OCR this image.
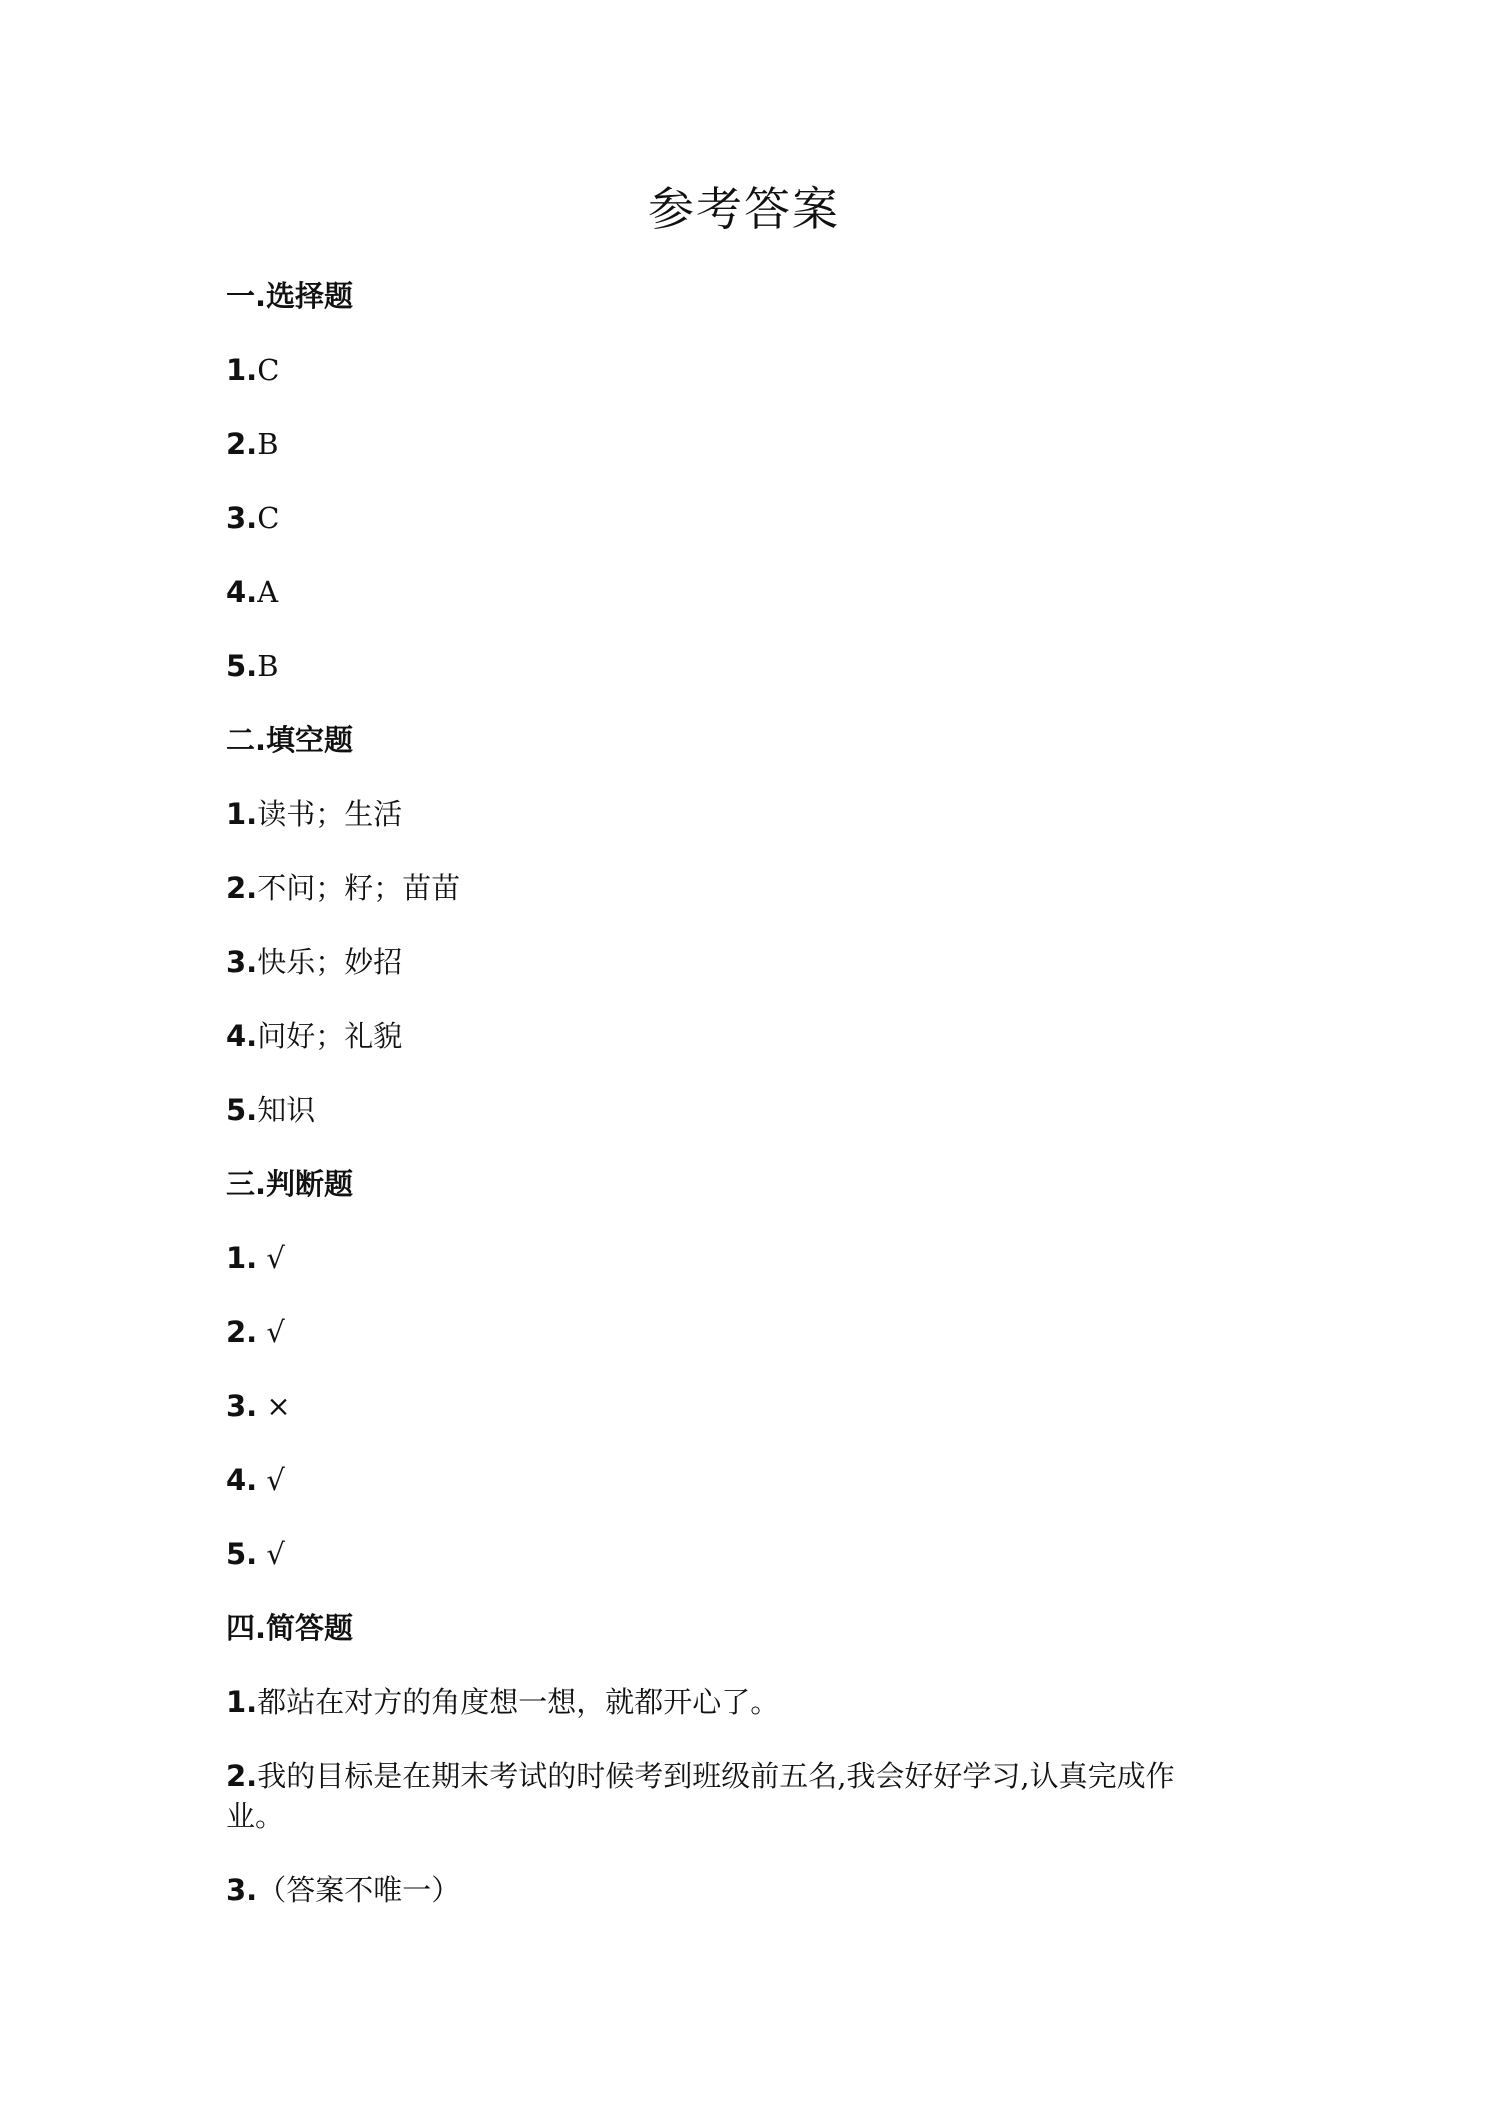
参考答案
一.选择题
1.C
2.B
3.C
4.A
5.B
二.填空题
1.读书；生活
2.不问；籽；苗苗
3.快乐；妙招
4.问好；礼貌
5.知识
三.判断题
1. √
2. √
3. ×
4. √
5. √
四.简答题
1.都站在对方的角度想一想，就都开心了。
2.我的目标是在期末考试的时候考到班级前五名,我会好好学习,认真完成作业。
3.（答案不唯一）
